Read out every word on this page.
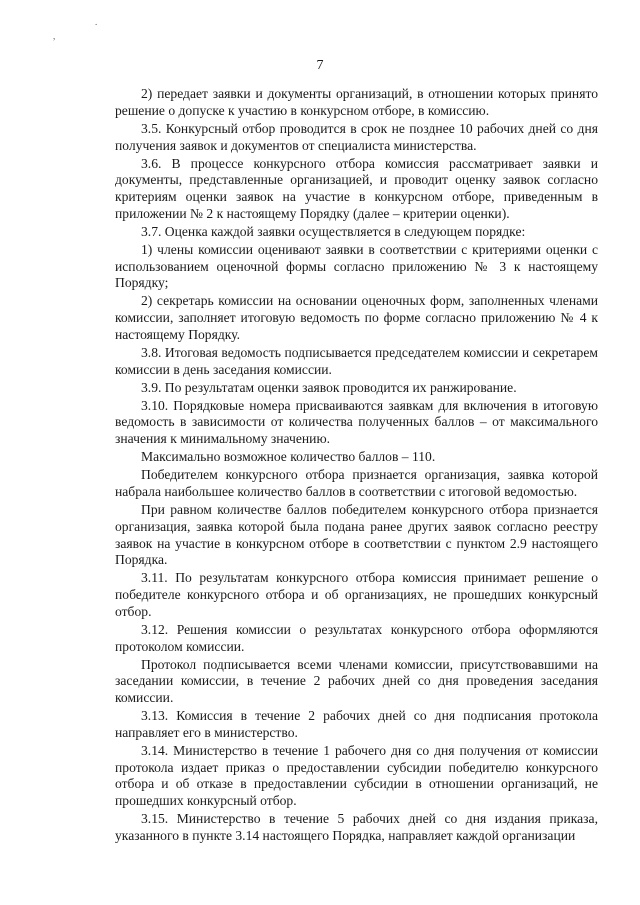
,
.
7

2) передает заявки и документы организаций, в отношении которых принято решение о допуске к участию в конкурсном отборе, в комиссию.

3.5. Конкурсный отбор проводится в срок не позднее 10 рабочих дней со дня получения заявок и документов от специалиста министерства.

3.6. В процессе конкурсного отбора комиссия рассматривает заявки и документы, представленные организацией, и проводит оценку заявок согласно критериям оценки заявок на участие в конкурсном отборе, приведенным в приложении № 2 к настоящему Порядку (далее – критерии оценки).

3.7. Оценка каждой заявки осуществляется в следующем порядке:

1) члены комиссии оценивают заявки в соответствии с критериями оценки с использованием оценочной формы согласно приложению № 3 к настоящему Порядку;

2) секретарь комиссии на основании оценочных форм, заполненных членами комиссии, заполняет итоговую ведомость по форме согласно приложению № 4 к настоящему Порядку.

3.8. Итоговая ведомость подписывается председателем комиссии и секретарем комиссии в день заседания комиссии.

3.9. По результатам оценки заявок проводится их ранжирование.

3.10. Порядковые номера присваиваются заявкам для включения в итоговую ведомость в зависимости от количества полученных баллов – от максимального значения к минимальному значению.

Максимально возможное количество баллов – 110.

Победителем конкурсного отбора признается организация, заявка которой набрала наибольшее количество баллов в соответствии с итоговой ведомостью.

При равном количестве баллов победителем конкурсного отбора признается организация, заявка которой была подана ранее других заявок согласно реестру заявок на участие в конкурсном отборе в соответствии с пунктом 2.9 настоящего Порядка.

3.11. По результатам конкурсного отбора комиссия принимает решение о победителе конкурсного отбора и об организациях, не прошедших конкурсный отбор.

3.12. Решения комиссии о результатах конкурсного отбора оформляются протоколом комиссии.

Протокол подписывается всеми членами комиссии, присутствовавшими на заседании комиссии, в течение 2 рабочих дней со дня проведения заседания комиссии.

3.13. Комиссия в течение 2 рабочих дней со дня подписания протокола направляет его в министерство.

3.14. Министерство в течение 1 рабочего дня со дня получения от комиссии протокола издает приказ о предоставлении субсидии победителю конкурсного отбора и об отказе в предоставлении субсидии в отношении организаций, не прошедших конкурсный отбор.

3.15. Министерство в течение 5 рабочих дней со дня издания приказа, указанного в пункте 3.14 настоящего Порядка, направляет каждой организации
